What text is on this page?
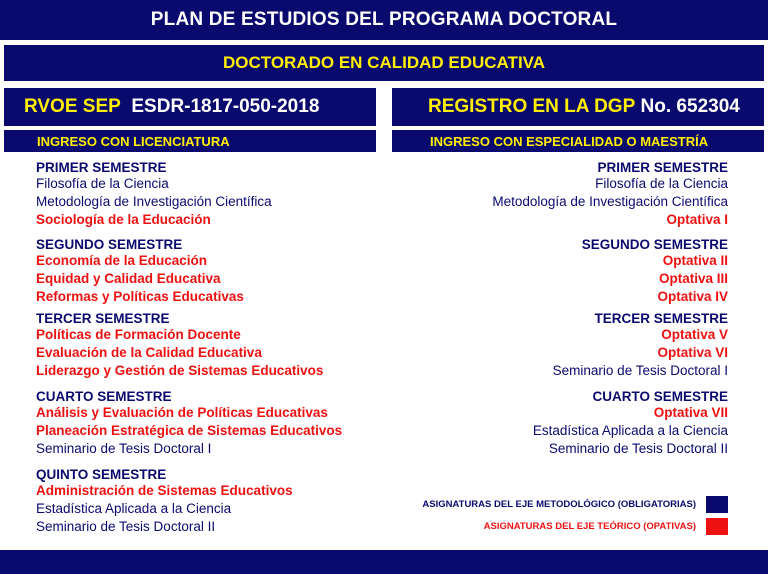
PLAN DE ESTUDIOS DEL PROGRAMA DOCTORAL
DOCTORADO EN CALIDAD EDUCATIVA
RVOE SEP
ESDR-1817-050-2018	REGISTRO EN LA DGP
No. 652304
INGRESO CON LICENCIATURA	INGRESO CON ESPECIALIDAD O MAESTRÍA
PRIMER SEMESTRE
Filosofía de la Ciencia
Metodología de Investigación Científica
Sociología de la Educación
SEGUNDO SEMESTRE
Economía de la Educación
Equidad y Calidad Educativa
Reformas y Políticas Educativas
TERCER SEMESTRE
Políticas de Formación Docente
Evaluación de la Calidad Educativa
Liderazgo y Gestión de Sistemas Educativos
CUARTO SEMESTRE
Análisis y Evaluación de Políticas Educativas
Planeación Estratégica de Sistemas Educativos
Seminario de Tesis Doctoral I
QUINTO SEMESTRE
Administración de Sistemas Educativos
Estadística Aplicada a la Ciencia
Seminario de Tesis Doctoral II
PRIMER SEMESTRE
Filosofía de la Ciencia
Metodología de Investigación Científica
Optativa I
SEGUNDO SEMESTRE
Optativa II
Optativa III
Optativa IV
TERCER SEMESTRE
Optativa V
Optativa VI
Seminario de Tesis Doctoral I
CUARTO SEMESTRE
Optativa VII
Estadística Aplicada a la Ciencia
Seminario de Tesis Doctoral II
ASIGNATURAS DEL EJE METODOLÓGICO (OBLIGATORIAS)
ASIGNATURAS DEL EJE TEÓRICO (OPATIVAS)
